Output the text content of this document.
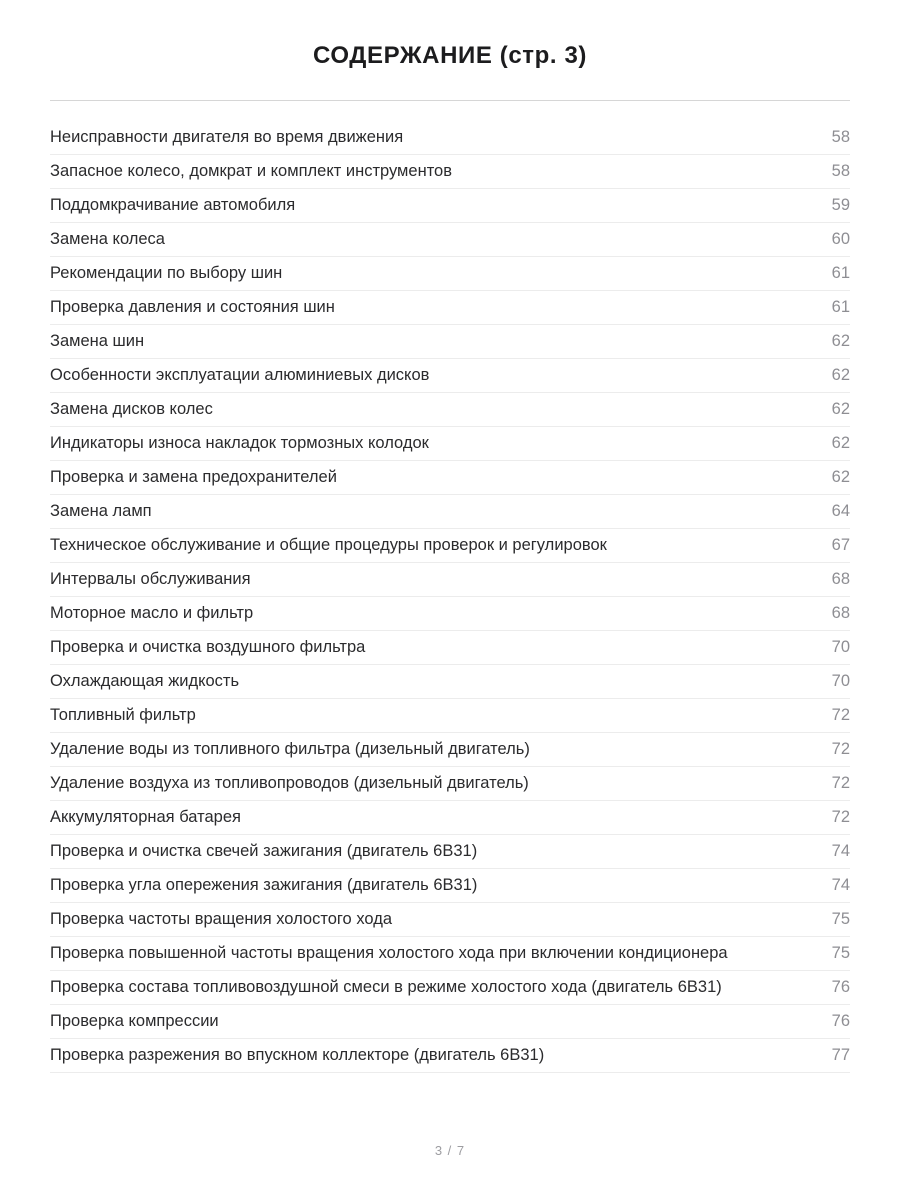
СОДЕРЖАНИЕ (стр. 3)
Неисправности двигателя во время движения	58
Запасное колесо, домкрат и комплект инструментов	58
Поддомкрачивание автомобиля	59
Замена колеса	60
Рекомендации по выбору шин	61
Проверка давления и состояния шин	61
Замена шин	62
Особенности эксплуатации алюминиевых дисков	62
Замена дисков колес	62
Индикаторы износа накладок тормозных колодок	62
Проверка и замена предохранителей	62
Замена ламп	64
Техническое обслуживание и общие процедуры проверок и регулировок	67
Интервалы обслуживания	68
Моторное масло и фильтр	68
Проверка и очистка воздушного фильтра	70
Охлаждающая жидкость	70
Топливный фильтр	72
Удаление воды из топливного фильтра (дизельный двигатель)	72
Удаление воздуха из топливопроводов (дизельный двигатель)	72
Аккумуляторная батарея	72
Проверка и очистка свечей зажигания (двигатель 6В31)	74
Проверка угла опережения зажигания (двигатель 6В31)	74
Проверка частоты вращения холостого хода	75
Проверка повышенной частоты вращения холостого хода при включении кондиционера	75
Проверка состава топливовоздушной смеси в режиме холостого хода (двигатель 6В31)	76
Проверка компрессии	76
Проверка разрежения во впускном коллекторе (двигатель 6В31)	77
3 / 7
